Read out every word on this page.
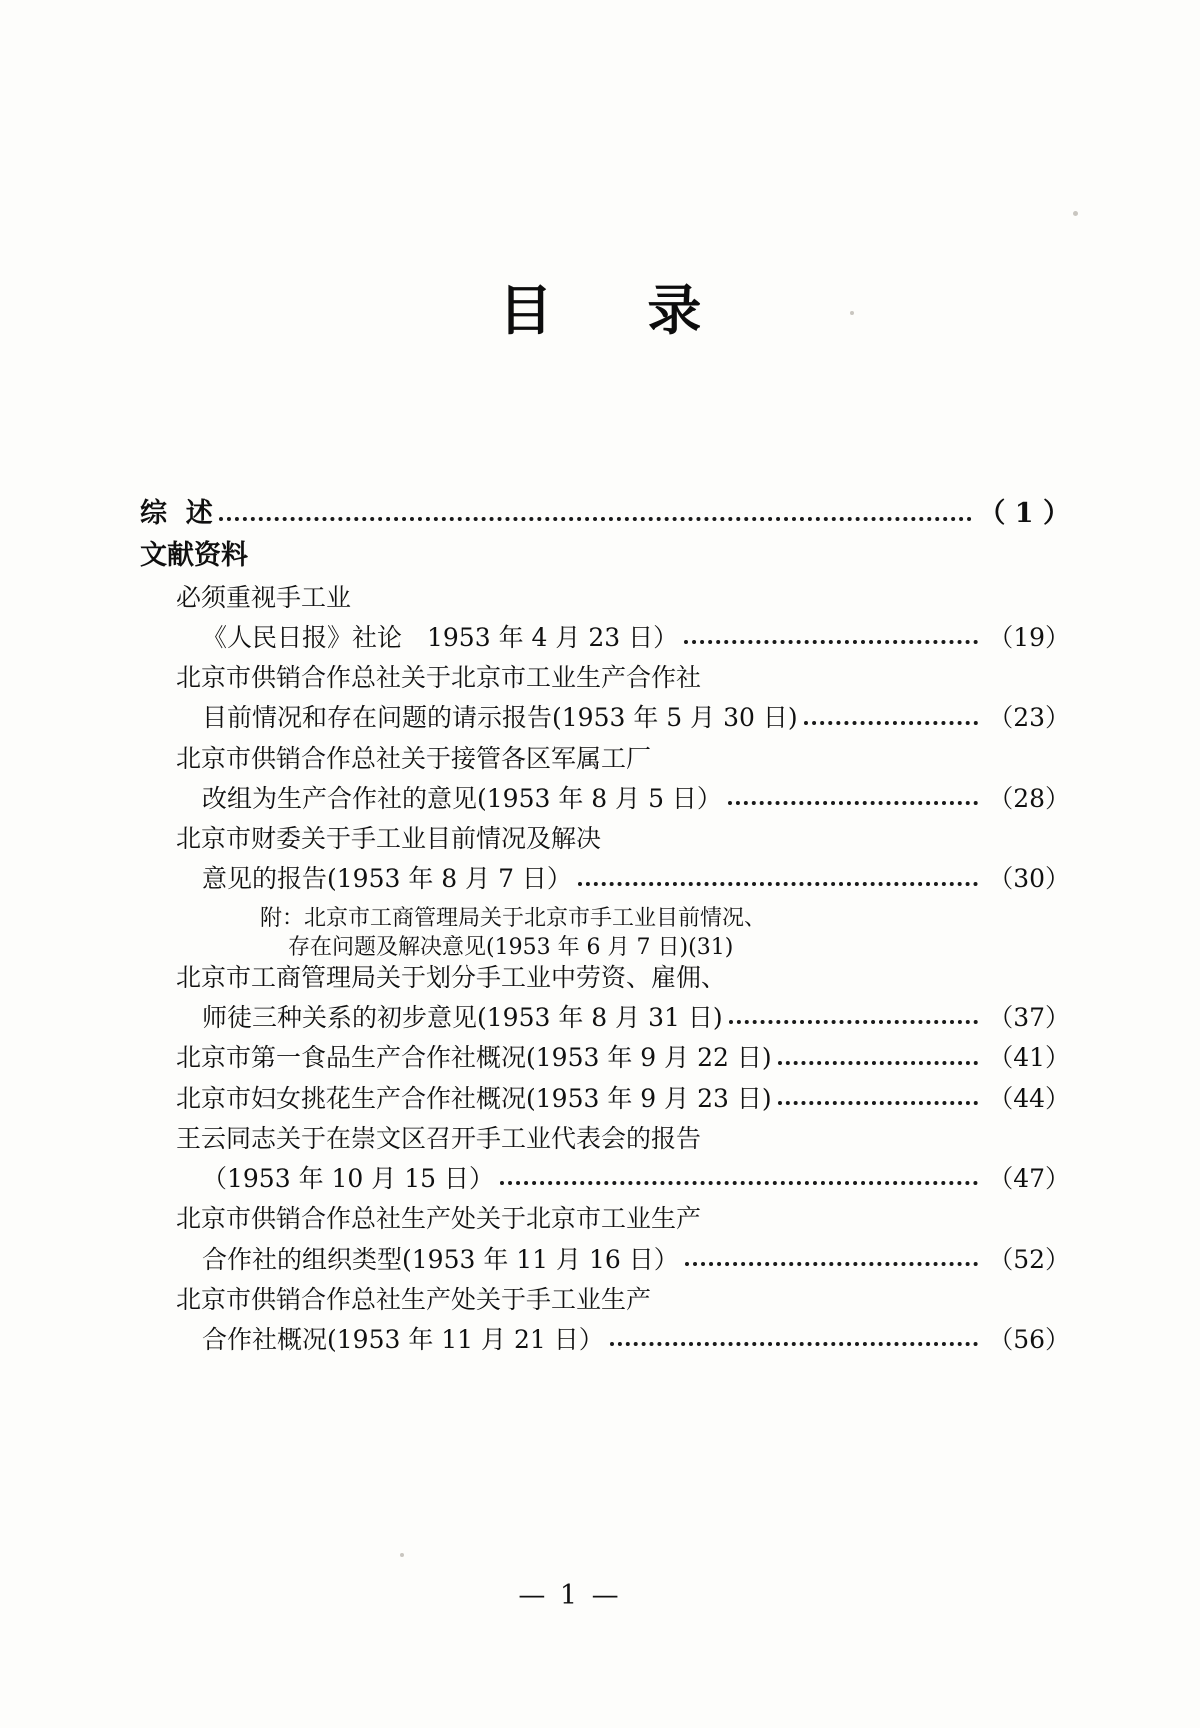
目 录
综  述	（ 1 ）
文献资料
必须重视手工业
《人民日报》社论　1953 年 4 月 23 日）	（19）
北京市供销合作总社关于北京市工业生产合作社
目前情况和存在问题的请示报告(1953 年 5 月 30 日)	（23）
北京市供销合作总社关于接管各区军属工厂
改组为生产合作社的意见(1953 年 8 月 5 日）	（28）
北京市财委关于手工业目前情况及解决
意见的报告(1953 年 8 月 7 日）	（30）
附：北京市工商管理局关于北京市手工业目前情况、
存在问题及解决意见(1953 年 6 月 7 日)(31)
北京市工商管理局关于划分手工业中劳资、雇佣、
师徒三种关系的初步意见(1953 年 8 月 31 日)	（37）
北京市第一食品生产合作社概况(1953 年 9 月 22 日)	（41）
北京市妇女挑花生产合作社概况(1953 年 9 月 23 日)	（44）
王云同志关于在崇文区召开手工业代表会的报告
（1953 年 10 月 15 日）	（47）
北京市供销合作总社生产处关于北京市工业生产
合作社的组织类型(1953 年 11 月 16 日）	（52）
北京市供销合作总社生产处关于手工业生产
合作社概况(1953 年 11 月 21 日）	（56）
— 1 —
